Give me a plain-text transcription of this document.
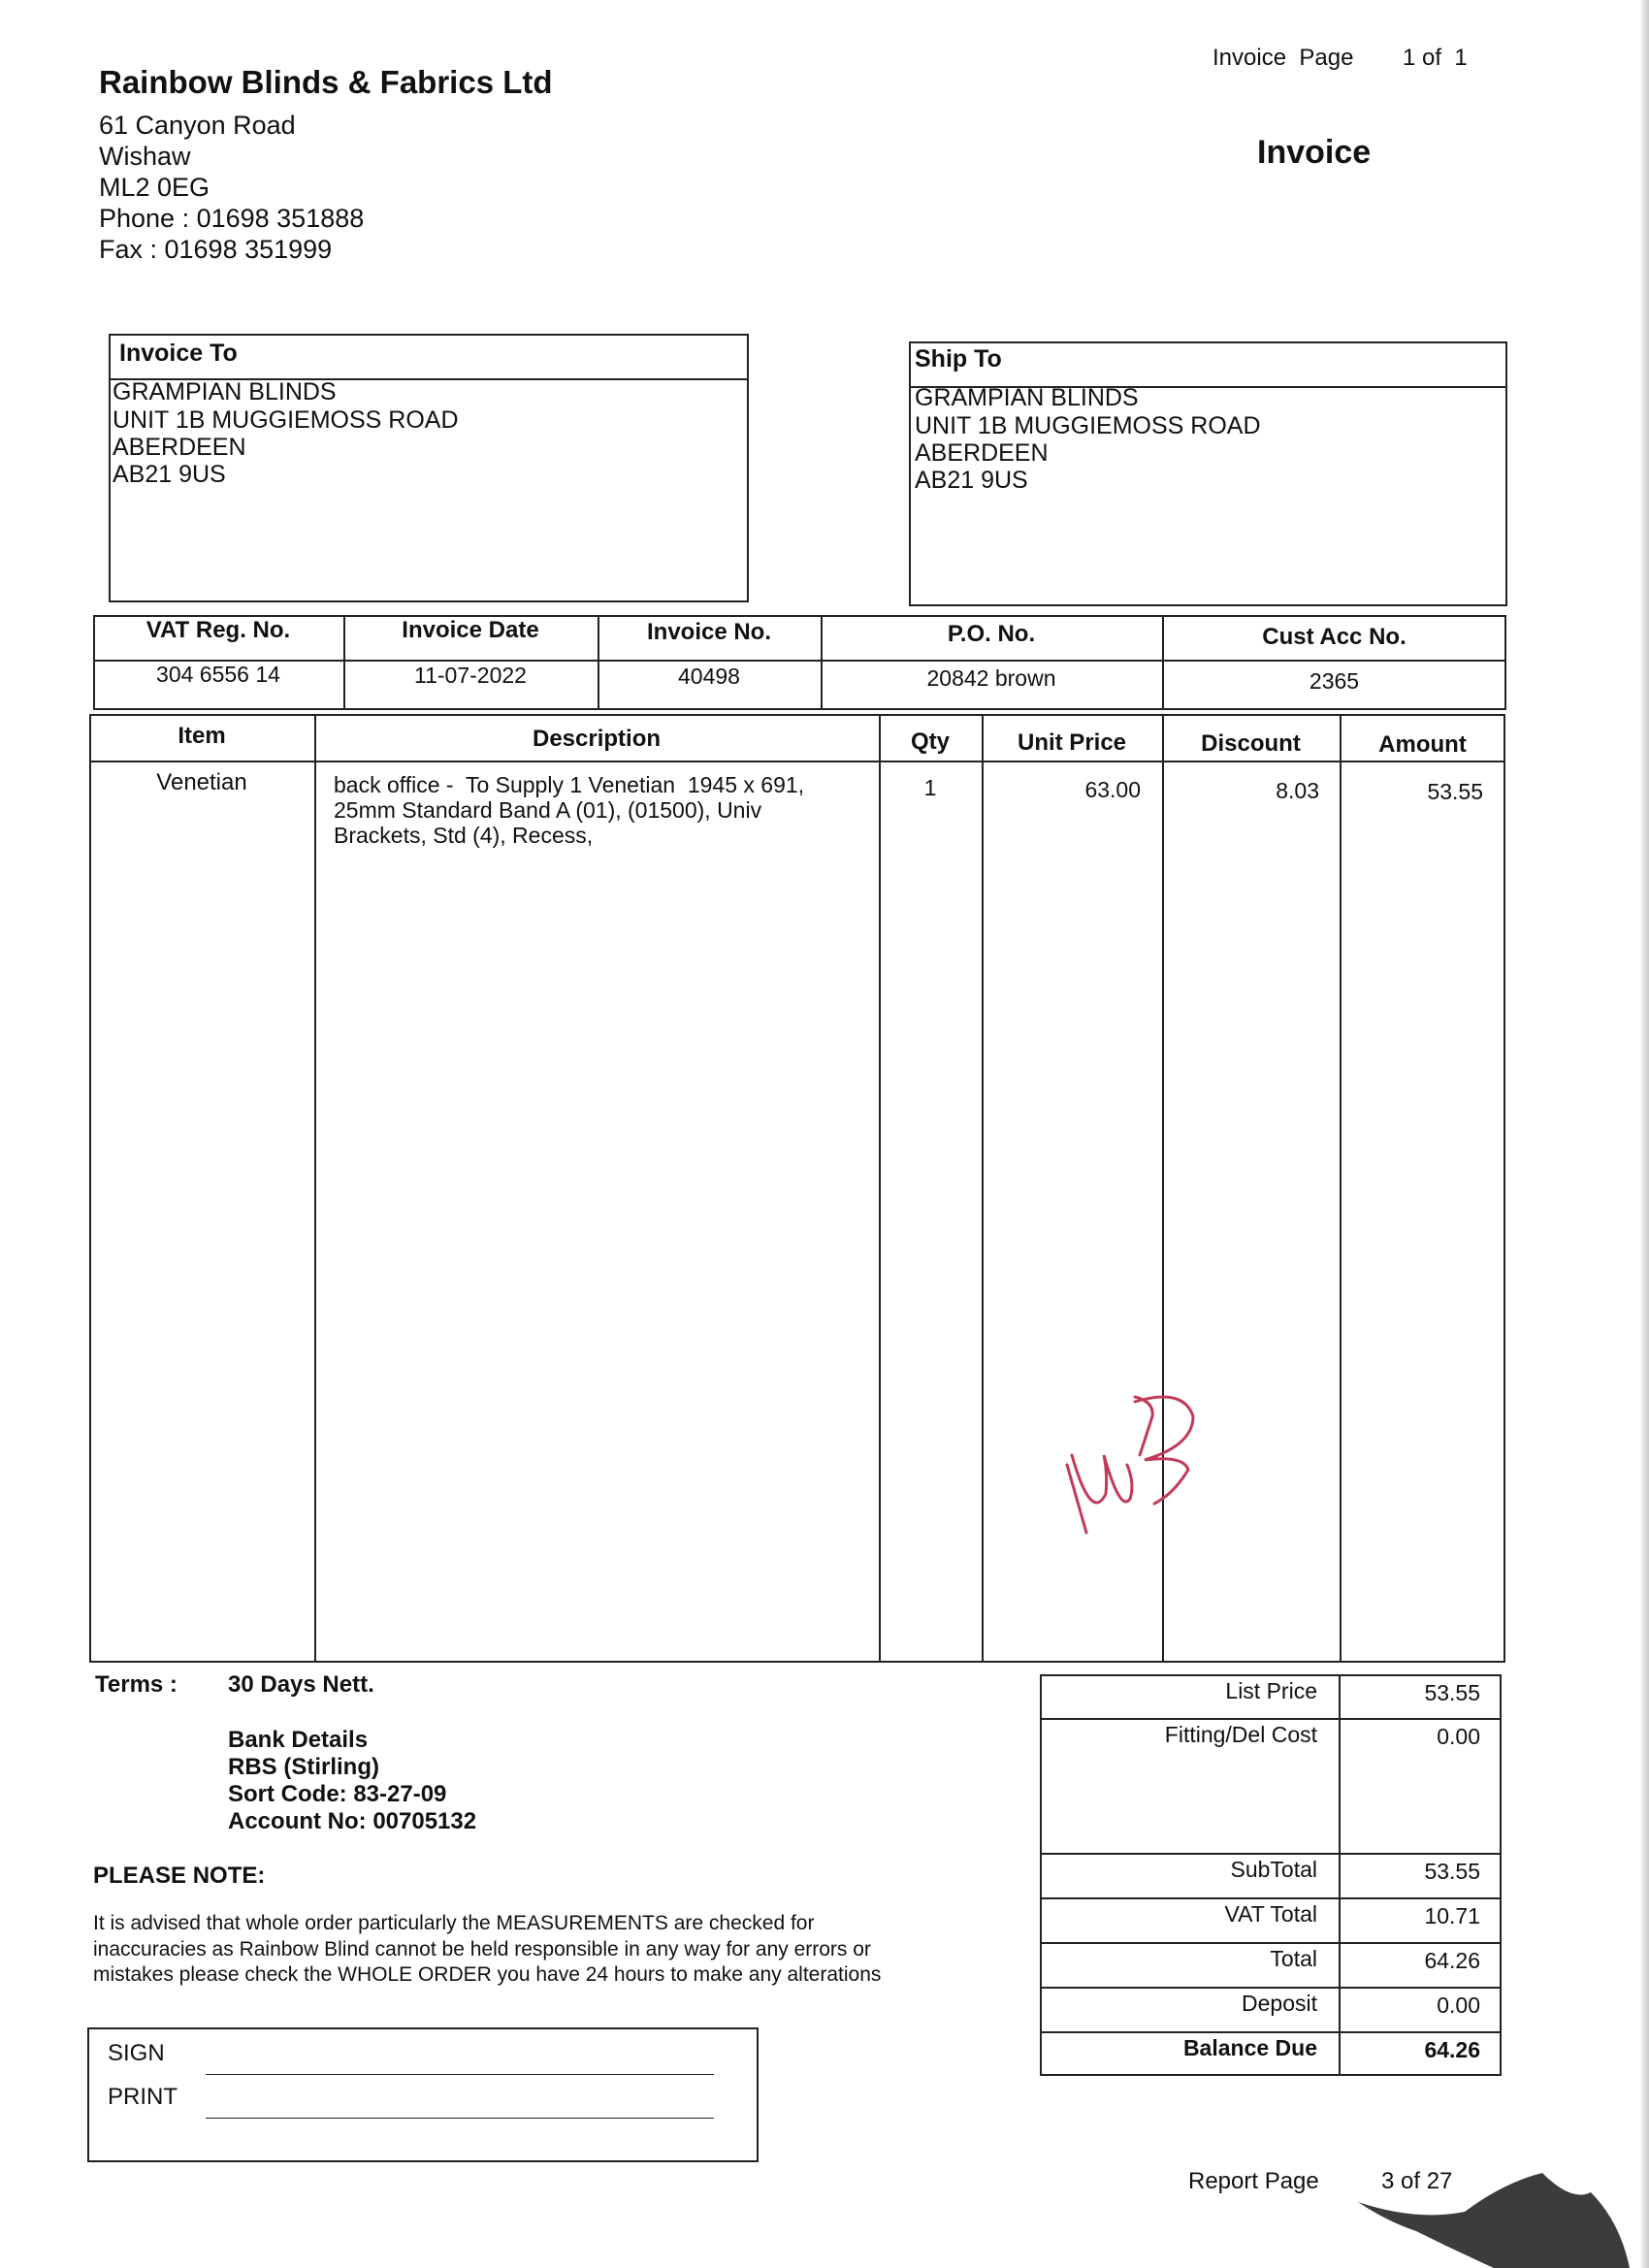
Rainbow Blinds & Fabrics Ltd
61 Canyon Road
Wishaw
ML2 0EG
Phone : 01698 351888
Fax : 01698 351999
Invoice  Page 1 of  1
Invoice
Invoice To
GRAMPIAN BLINDS
UNIT 1B MUGGIEMOSS ROAD
ABERDEEN
AB21 9US
Ship To
GRAMPIAN BLINDS
UNIT 1B MUGGIEMOSS ROAD
ABERDEEN
AB21 9US
VAT Reg. No.	Invoice Date	Invoice No.	P.O. No.	Cust Acc No.
304 6556 14	11-07-2022	40498	20842 brown	2365
Item	Description	Qty	Unit Price	Discount	Amount
Venetian	back office -  To Supply 1 Venetian  1945 x 691,
25mm Standard Band A (01), (01500), Univ
Brackets, Std (4), Recess,
1	63.00	8.03	53.55
Terms : 30 Days Nett.
Bank Details
RBS (Stirling)
Sort Code: 83-27-09
Account No: 00705132
PLEASE NOTE:
It is advised that whole order particularly the MEASUREMENTS are checked for
inaccuracies as Rainbow Blind cannot be held responsible in any way for any errors or
mistakes please check the WHOLE ORDER you have 24 hours to make any alterations
SIGN
PRINT
List Price	53.55
Fitting/Del Cost	0.00
SubTotal	53.55
VAT Total	10.71
Total	64.26
Deposit	0.00
Balance Due	64.26
Report Page	3 of 27
